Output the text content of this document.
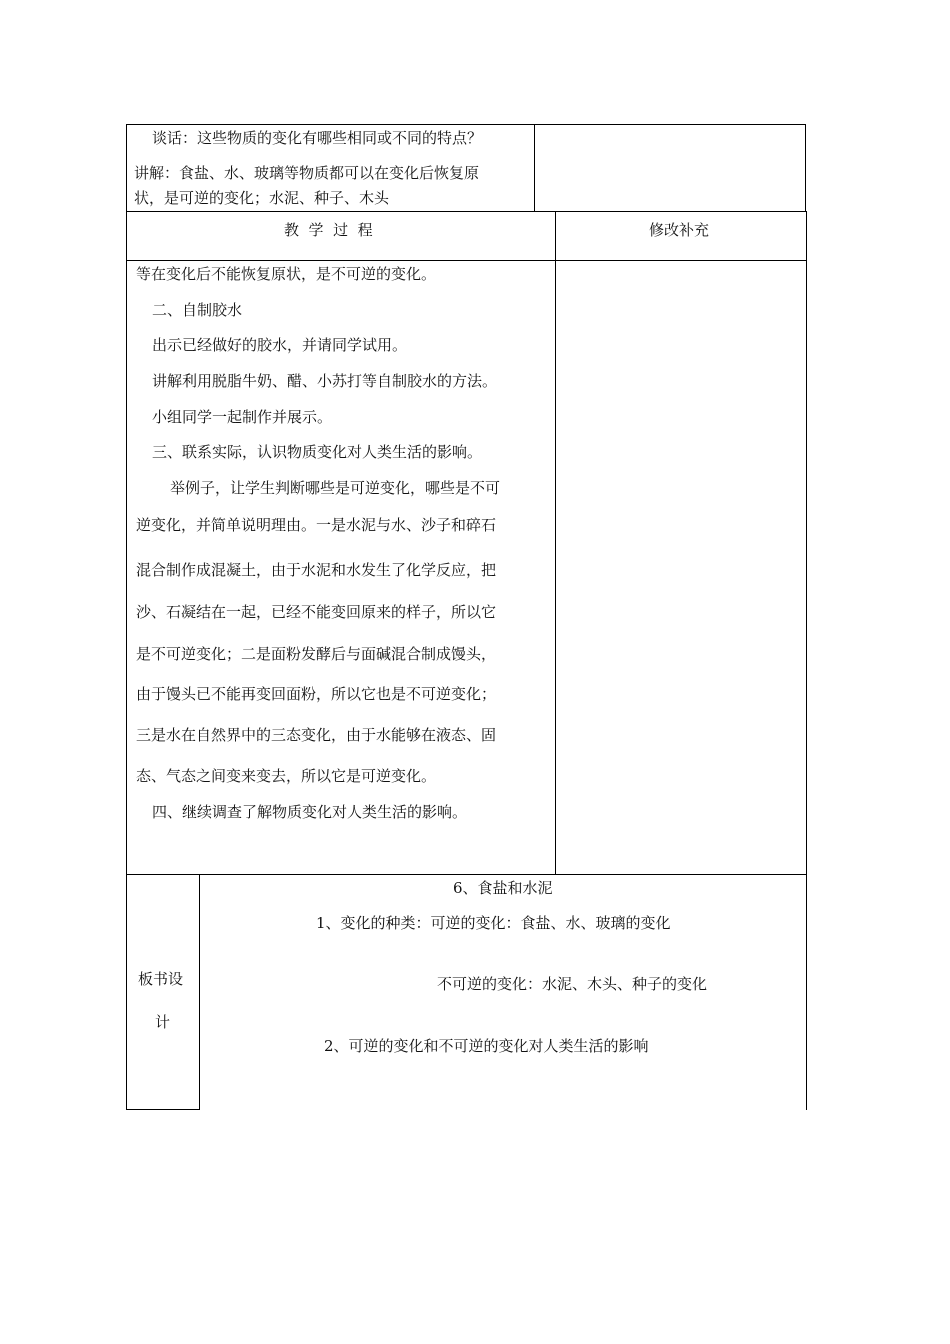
谈话：这些物质的变化有哪些相同或不同的特点？
讲解：食盐、水、玻璃等物质都可以在变化后恢复原
状，是可逆的变化；水泥、种子、木头
教  学  过  程	修改补充
等在变化后不能恢复原状，是不可逆的变化。
二、自制胶水
出示已经做好的胶水，并请同学试用。
讲解利用脱脂牛奶、醋、小苏打等自制胶水的方法。
小组同学一起制作并展示。
三、联系实际，认识物质变化对人类生活的影响。
举例子，让学生判断哪些是可逆变化，哪些是不可
逆变化，并简单说明理由。一是水泥与水、沙子和碎石
混合制作成混凝土，由于水泥和水发生了化学反应，把
沙、石凝结在一起，已经不能变回原来的样子，所以它
是不可逆变化；二是面粉发酵后与面碱混合制成馒头，
由于馒头已不能再变回面粉，所以它也是不可逆变化；
三是水在自然界中的三态变化，由于水能够在液态、固
态、气态之间变来变去，所以它是可逆变化。
四、继续调查了解物质变化对人类生活的影响。
板书设
计
6、食盐和水泥
1、变化的种类：可逆的变化：食盐、水、玻璃的变化
不可逆的变化：水泥、木头、种子的变化
2、可逆的变化和不可逆的变化对人类生活的影响
